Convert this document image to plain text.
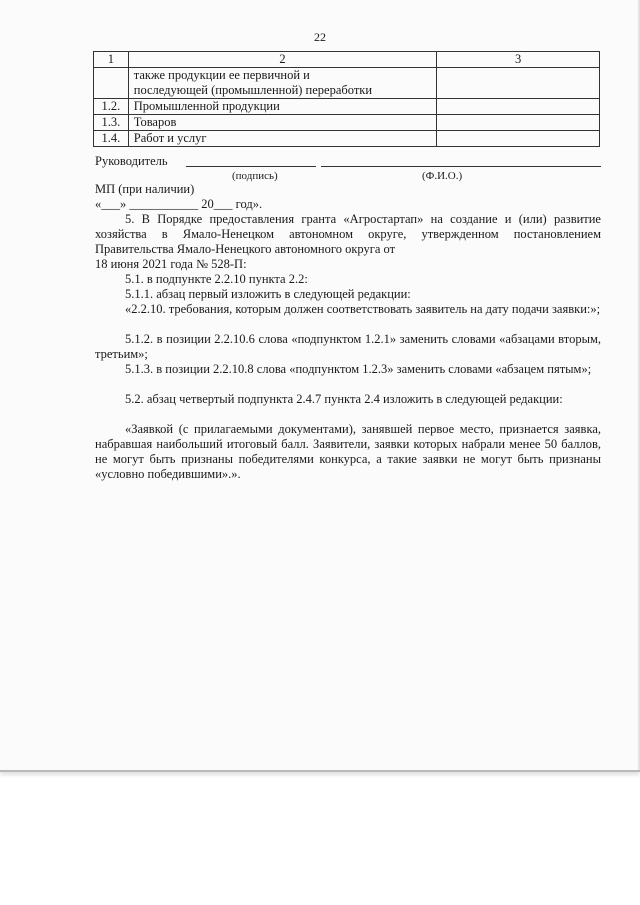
22
1	2	3

	также продукции ее первичной и
последующей (промышленной) переработки	

1.2.	Промышленной продукции	
1.3.	Товаров	
1.4.	Работ и услуг	
Руководитель
(подпись)	(Ф.И.О.)
МП (при наличии)
«___» ___________ 20___ год».

5. В Порядке предоставления гранта «Агростартап» на создание и (или) развитие хозяйства в Ямало-Ненецком автономном округе, утвержденном постановлением Правительства Ямало-Ненецкого автономного округа от

18 июня 2021 года № 528-П:

5.1. в подпункте 2.2.10 пункта 2.2:

5.1.1. абзац первый изложить в следующей редакции:

«2.2.10. требования, которым должен соответствовать заявитель на дату подачи заявки:»;

5.1.2. в позиции 2.2.10.6 слова «подпунктом 1.2.1» заменить словами «абзацами вторым, третьим»;

5.1.3. в позиции 2.2.10.8 слова «подпунктом 1.2.3» заменить словами «абзацем пятым»;

5.2. абзац четвертый подпункта 2.4.7 пункта 2.4 изложить в следующей редакции:

«Заявкой (с прилагаемыми документами), занявшей первое место, признается заявка, набравшая наибольший итоговый балл. Заявители, заявки которых набрали менее 50 баллов, не могут быть признаны победителями конкурса, а такие заявки не могут быть признаны «условно победившими».».
